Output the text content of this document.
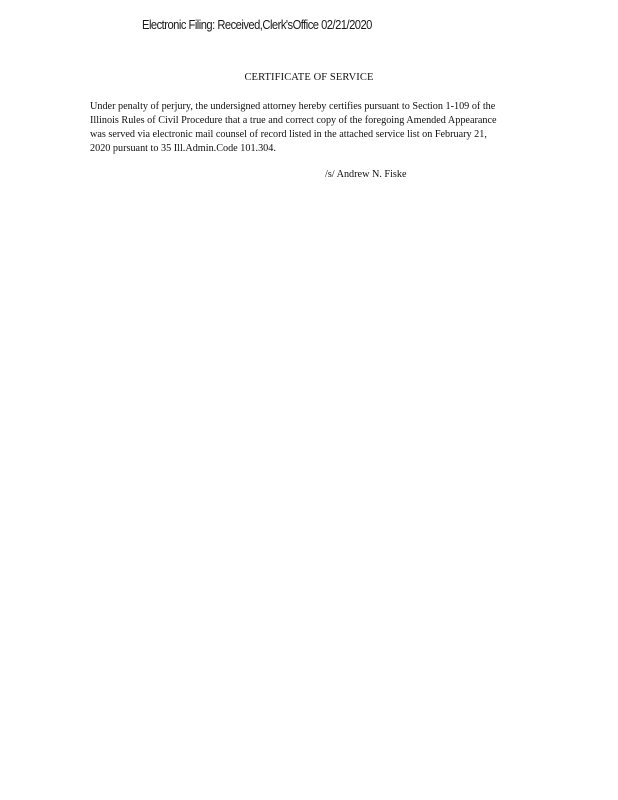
Electronic Filing: Received,Clerk'sOffice 02/21/2020
CERTIFICATE OF SERVICE
Under penalty of perjury, the undersigned attorney hereby certifies pursuant to Section 1-109 of the
Illinois Rules of Civil Procedure that a true and correct copy of the foregoing Amended Appearance
was served via electronic mail counsel of record listed in the attached service list on February 21,
2020 pursuant to 35 Ill.Admin.Code 101.304.
/s/ Andrew N. Fiske
